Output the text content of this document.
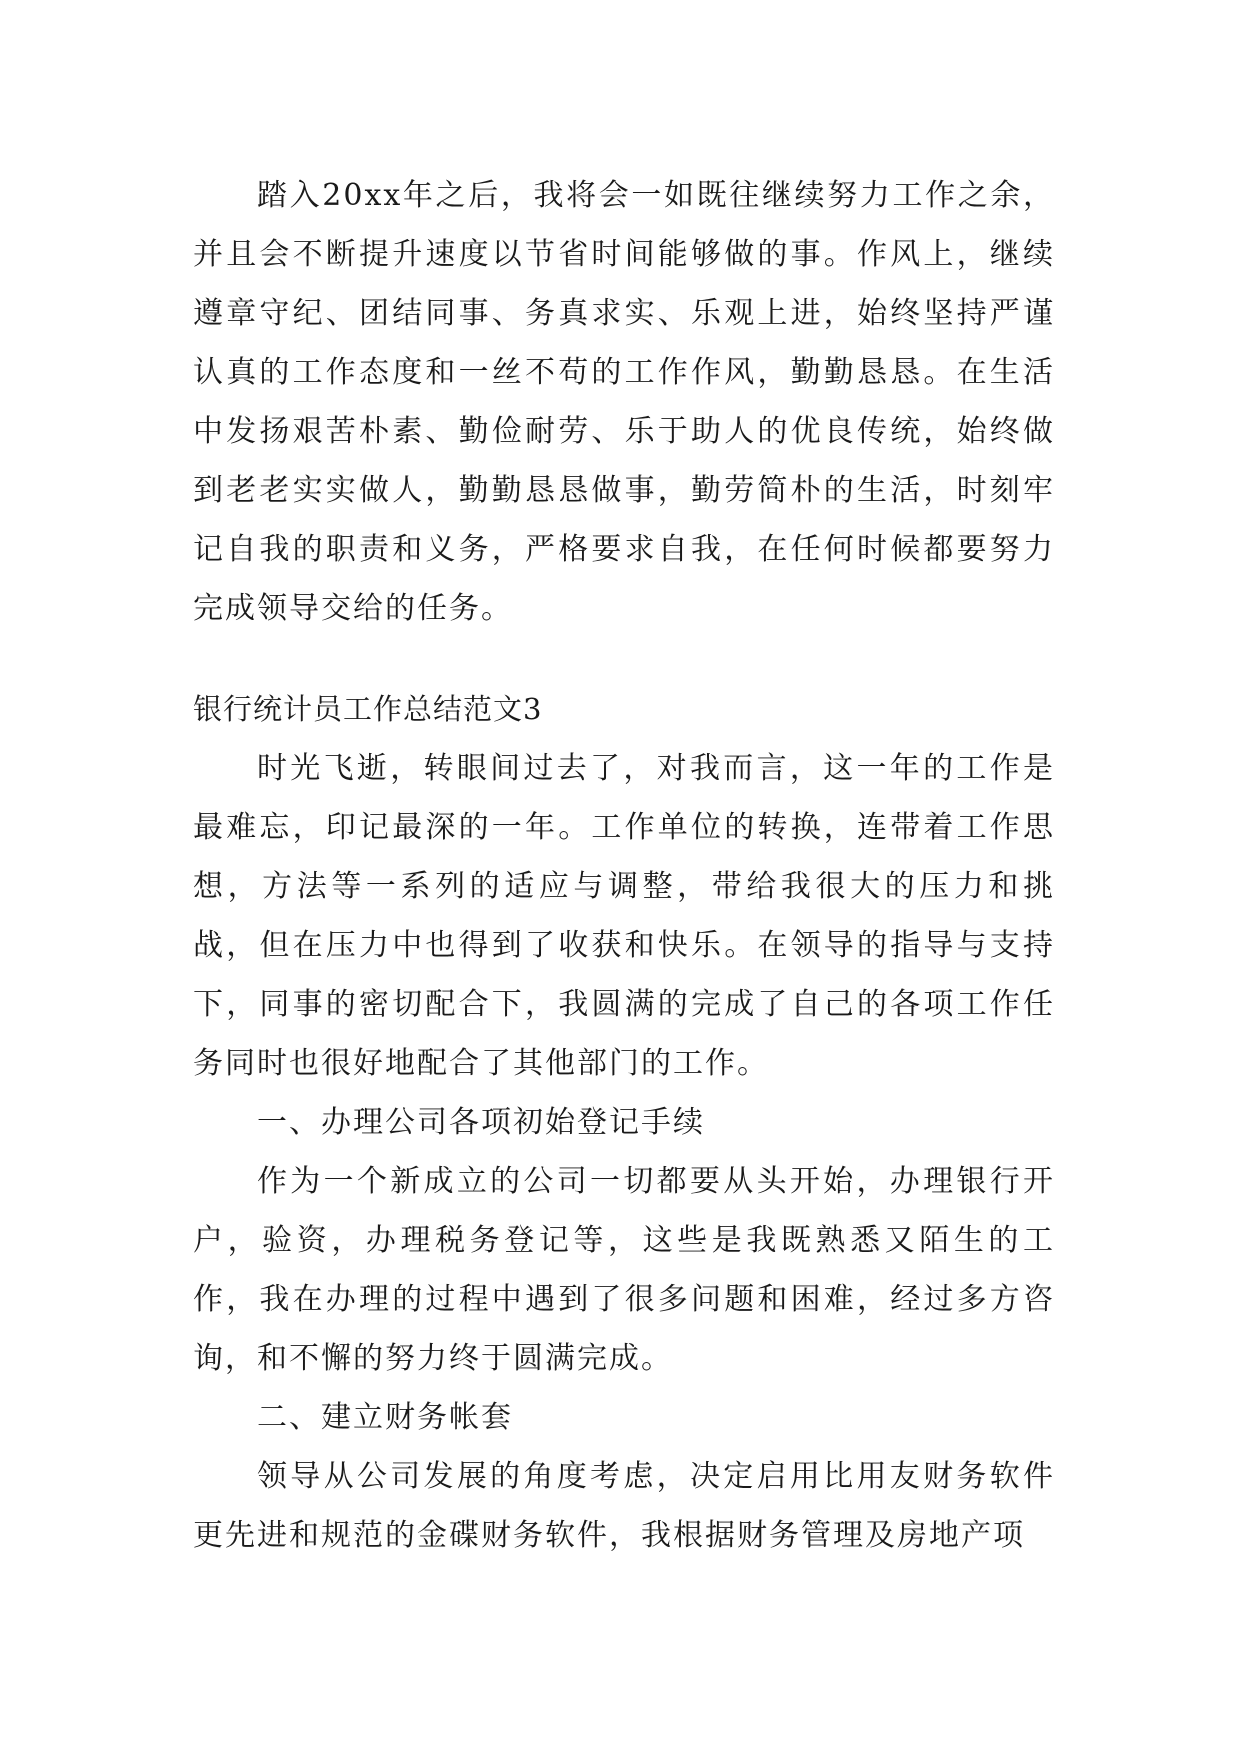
踏入20xx年之后，我将会一如既往继续努力工作之余，并且会不断提升速度以节省时间能够做的事。作风上，继续遵章守纪、团结同事、务真求实、乐观上进，始终坚持严谨认真的工作态度和一丝不苟的工作作风，勤勤恳恳。在生活中发扬艰苦朴素、勤俭耐劳、乐于助人的优良传统，始终做到老老实实做人，勤勤恳恳做事，勤劳简朴的生活，时刻牢记自我的职责和义务，严格要求自我，在任何时候都要努力完成领导交给的任务。

银行统计员工作总结范文3

时光飞逝，转眼间过去了，对我而言，这一年的工作是最难忘，印记最深的一年。工作单位的转换，连带着工作思想，方法等一系列的适应与调整，带给我很大的压力和挑战，但在压力中也得到了收获和快乐。在领导的指导与支持下，同事的密切配合下，我圆满的完成了自己的各项工作任务同时也很好地配合了其他部门的工作。

一、办理公司各项初始登记手续

作为一个新成立的公司一切都要从头开始，办理银行开户，验资，办理税务登记等，这些是我既熟悉又陌生的工作，我在办理的过程中遇到了很多问题和困难，经过多方咨询，和不懈的努力终于圆满完成。

二、建立财务帐套

领导从公司发展的角度考虑，决定启用比用友财务软件更先进和规范的金碟财务软件，我根据财务管理及房地产项
